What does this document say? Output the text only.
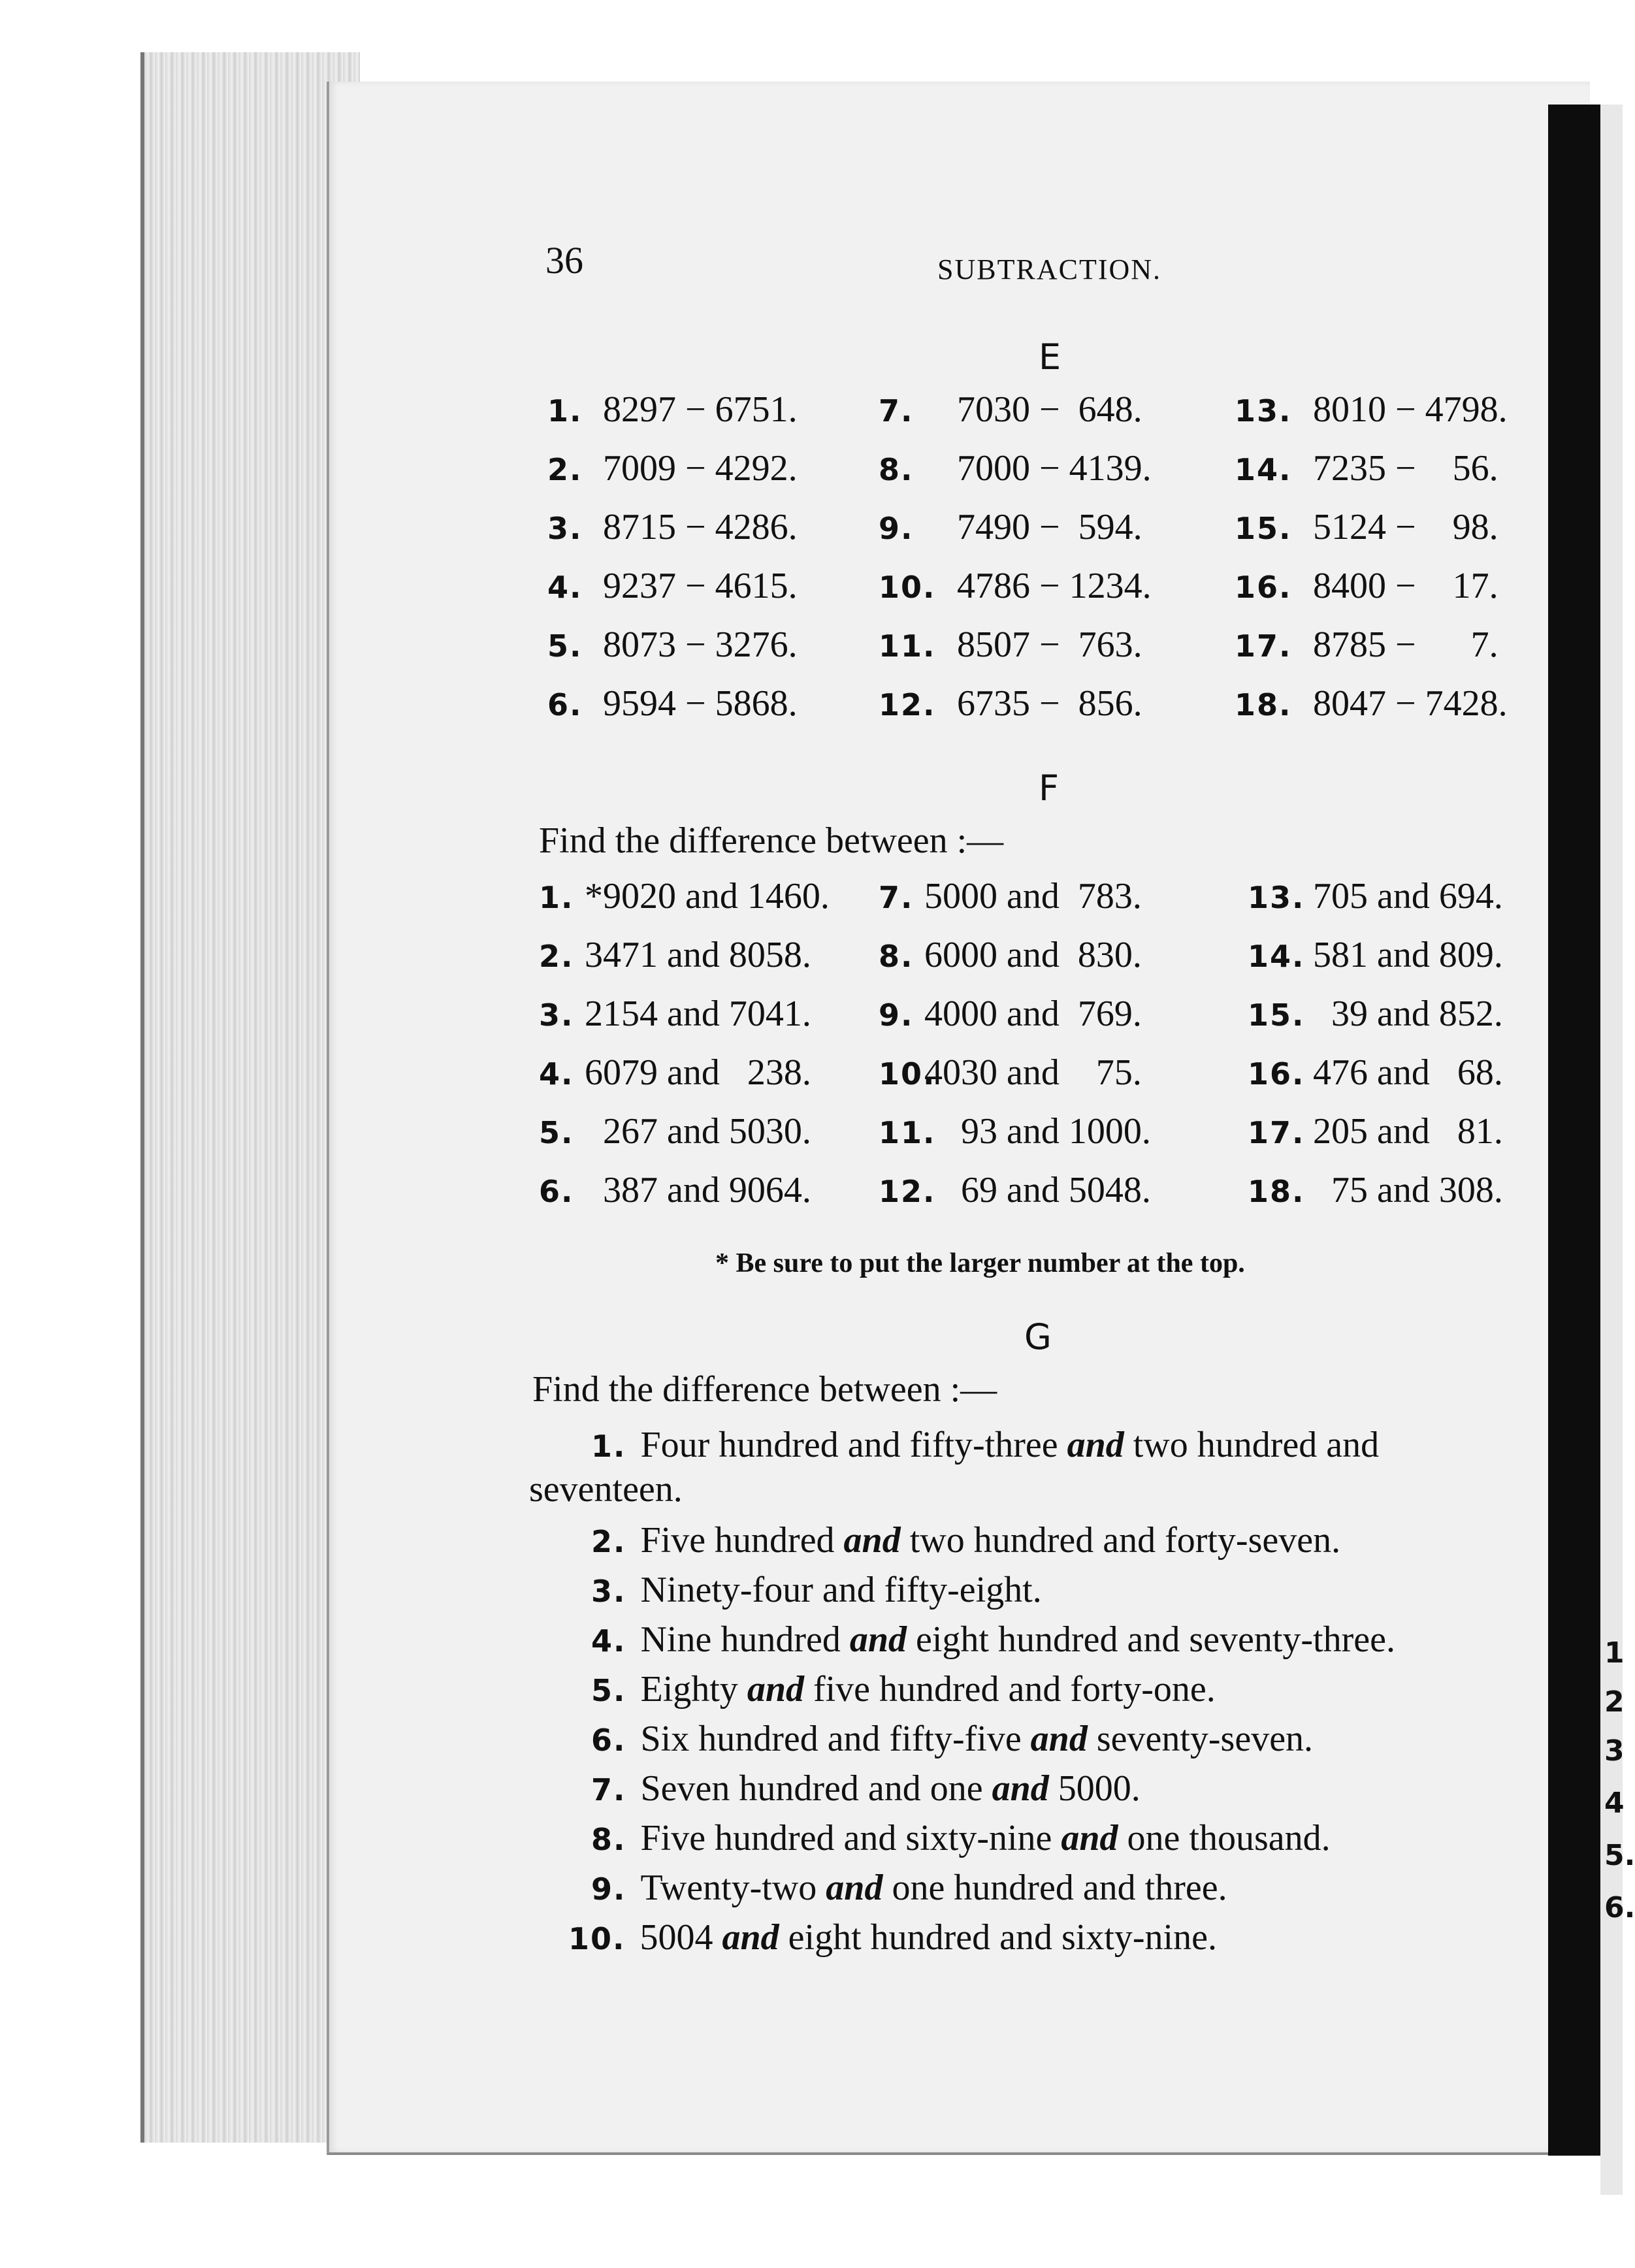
1
2
3
4
5.
6.
36	SUBTRACTION.
E
1. 8297 − 6751.
2. 7009 − 4292.
3. 8715 − 4286.
4. 9237 − 4615.
5. 8073 − 3276.
6. 9594 − 5868.
7. 7030 −  648.
8. 7000 − 4139.
9. 7490 −  594.
10. 4786 − 1234.
11. 8507 −  763.
12. 6735 −  856.
13. 8010 − 4798.
14. 7235 −    56.
15. 5124 −    98.
16. 8400 −    17.
17. 8785 −      7.
18. 8047 − 7428.
F
Find the difference between :—
1. *9020 and 1460.
2. 3471 and 8058.
3. 2154 and 7041.
4. 6079 and   238.
5.  267 and 5030.
6.  387 and 9064.
7. 5000 and  783.
8. 6000 and  830.
9. 4000 and  769.
10.4030 and    75.
11.    93 and 1000.
12.    69 and 5048.
13. 705 and 694.
14. 581 and 809.
15.  39 and 852.
16. 476 and   68.
17. 205 and   81.
18.  75 and 308.
* Be sure to put the larger number at the top.
G
Find the difference between :—
1. Four hundred and fifty-three and two hundred and
seventeen.
2. Five hundred and two hundred and forty-seven.
3. Ninety-four and fifty-eight.
4. Nine hundred and eight hundred and seventy-three.
5. Eighty and five hundred and forty-one.
6. Six hundred and fifty-five and seventy-seven.
7. Seven hundred and one and 5000.
8. Five hundred and sixty-nine and one thousand.
9. Twenty-two and one hundred and three.
10. 5004 and eight hundred and sixty-nine.
